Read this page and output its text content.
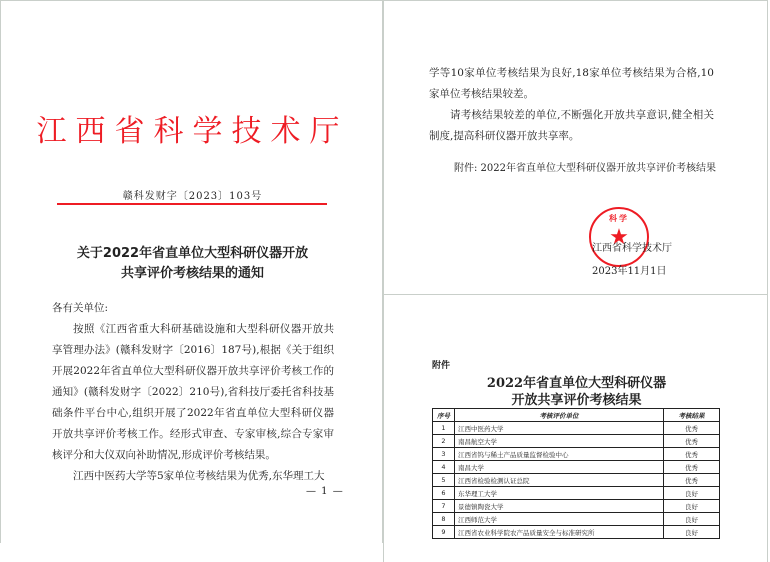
江西省科学技术厅
赣科发财字〔2023〕103号
关于2022年省直单位大型科研仪器开放
共享评价考核结果的通知

各有关单位:

按照《江西省重大科研基础设施和大型科研仪器开放共享管理办法》(赣科发财字〔2016〕187号),根据《关于组织开展2022年省直单位大型科研仪器开放共享评价考核工作的通知》(赣科发财字〔2022〕210号),省科技厅委托省科技基础条件平台中心,组织开展了2022年省直单位大型科研仪器开放共享评价考核工作。经形式审查、专家审核,综合专家审核评分和大仪双向补助情况,形成评价考核结果。

江西中医药大学等5家单位考核结果为优秀,东华理工大

— 1 —

学等10家单位考核结果为良好,18家单位考核结果为合格,10家单位考核结果较差。

请考核结果较差的单位,不断强化开放共享意识,健全相关制度,提高科研仪器开放共享率。

附件: 2022年省直单位大型科研仪器开放共享评价考核结果
科学
★
江西省科学技术厅
2023年11月1日
附件
2022年省直单位大型科研仪器
开放共享评价考核结果
序号	考核评价单位	考核结果
1	江西中医药大学	优秀
2	南昌航空大学	优秀
3	江西省钨与稀土产品质量监督检验中心	优秀
4	南昌大学	优秀
5	江西省检验检测认证总院	优秀
6	东华理工大学	良好
7	景德镇陶瓷大学	良好
8	江西师范大学	良好
9	江西省农业科学院农产品质量安全与标准研究所	良好
